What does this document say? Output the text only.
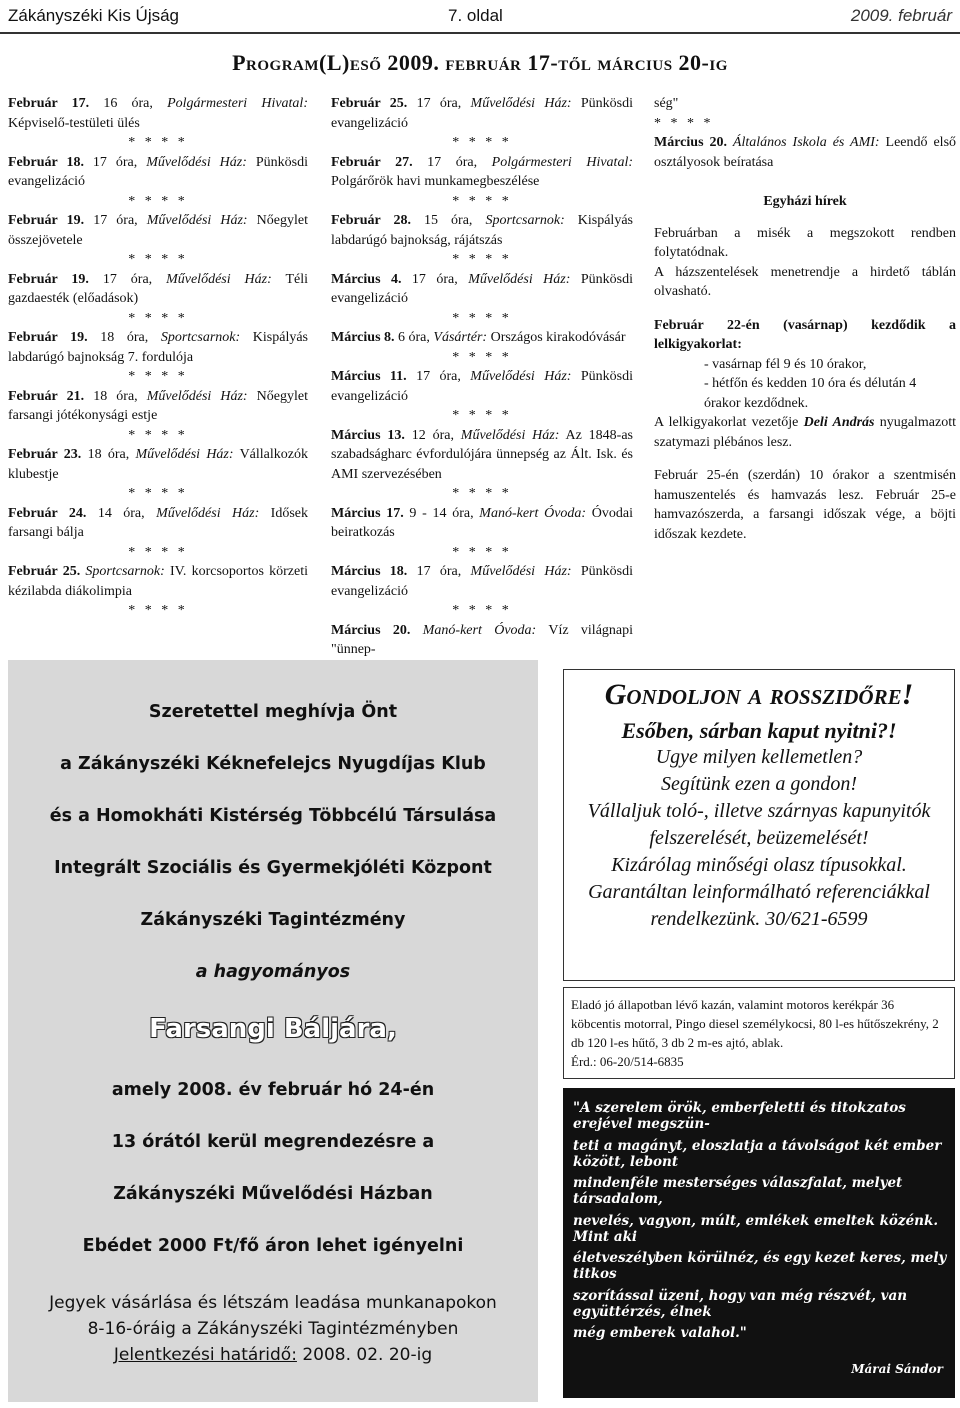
Zákányszéki Kis Újság	7. oldal	2009. február
Program(L)eső 2009. február 17-től március 20-ig

Február 17. 16 óra, Polgármesteri Hivatal: Képviselő-testületi ülés

* * * *

Február 18. 17 óra, Művelődési Ház: Pünkösdi evangelizáció

* * * *

Február 19. 17 óra, Művelődési Ház: Nőegylet összejövetele

* * * *

Február 19. 17 óra, Művelődési Ház: Téli gazdaesték (előadások)

* * * *

Február 19. 18 óra, Sportcsarnok: Kispályás labdarúgó bajnokság 7. fordulója

* * * *

Február 21. 18 óra, Művelődési Ház: Nőegylet farsangi jótékonysági estje

* * * *

Február 23. 18 óra, Művelődési Ház: Vállalkozók klubestje

* * * *

Február 24. 14 óra, Művelődési Ház: Idősek farsangi bálja

* * * *

Február 25. Sportcsarnok: IV. korcsoportos körzeti kézilabda diákolimpia

* * * *

Február 25. 17 óra, Művelődési Ház: Pünkösdi evangelizáció

* * * *

Február 27. 17 óra, Polgármesteri Hivatal: Polgárőrök havi munkamegbeszélése

* * * *

Február 28. 15 óra, Sportcsarnok: Kispályás labdarúgó bajnokság, rájátszás

* * * *

Március 4. 17 óra, Művelődési Ház: Pünkösdi evangelizáció

* * * *

Március 8. 6 óra, Vásártér: Országos kirakodóvásár

* * * *

Március 11. 17 óra, Művelődési Ház: Pünkösdi evangelizáció

* * * *

Március 13. 12 óra, Művelődési Ház: Az 1848-as szabadságharc évfordulójára ünnepség az Ált. Isk. és AMI szervezésében

* * * *

Március 17. 9 - 14 óra, Manó-kert Óvoda: Óvodai beiratkozás

* * * *

Március 18. 17 óra, Művelődési Ház: Pünkösdi evangelizáció

* * * *

Március 20. Manó-kert Óvoda: Víz világnapi "ünnep-

ség"

* * * *

Március 20. Általános Iskola és AMI: Leendő első osztályosok beíratása

Egyházi hírek

Februárban a misék a megszokott rendben folytatódnak.

A házszentelések menetrendje a hirdető táblán olvasható.

Február 22-én (vasárnap) kezdődik a lelkigyakorlat:

- vasárnap fél 9 és 10 órakor,

- hétfőn és kedden 10 óra és délután 4 órakor kezdődnek.

A lelkigyakorlat vezetője Deli András nyugalmazott szatymazi plébános lesz.

Február 25-én (szerdán) 10 órakor a szentmisén hamuszentelés és hamvazás lesz. Február 25-e hamvazószerda, a farsangi időszak vége, a böjti időszak kezdete.

Szeretettel meghívja Önt
a Zákányszéki Kéknefelejcs Nyugdíjas Klub
és a Homokháti Kistérség Többcélú Társulása
Integrált Szociális és Gyermekjóléti Központ
Zákányszéki Tagintézmény
a hagyományos
Farsangi Báljára,
amely 2008. év február hó 24-én
13 órától kerül megrendezésre a
Zákányszéki Művelődési Házban
Ebédet 2000 Ft/fő áron lehet igényelni
Jegyek vásárlása és létszám leadása munkanapokon
8-16-óráig a Zákányszéki Tagintézményben
Jelentkezési határidő: 2008. 02. 20-ig
Gondoljon a rosszidőre!
Esőben, sárban kaput nyitni?!
Ugye milyen kellemetlen?
Segítünk ezen a gondon!
Vállaljuk toló-, illetve szárnyas kapunyitók
felszerelését, beüzemelését!
Kizárólag minőségi olasz típusokkal.
Garantáltan leinformálható referenciákkal
rendelkezünk. 30/621-6599
Eladó jó állapotban lévő kazán, valamint motoros kerékpár 36 köbcentis motorral, Pingo diesel személykocsi, 80 l-es hűtőszekrény, 2 db 120 l-es hűtő, 3 db 2 m-es ajtó, ablak.
Érd.: 06-20/514-6835
Márai Sándor
"A szerelem örök, emberfeletti és titokzatos erejével megszün-
teti a magányt, eloszlatja a távolságot két ember között, lebont
mindenféle mesterséges válaszfalat, melyet társadalom,
nevelés, vagyon, múlt, emlékek emeltek közénk. Mint aki
életveszélyben körülnéz, és egy kezet keres, mely titkos
szorítással üzeni, hogy van még részvét, van együttérzés, élnek
még emberek valahol."
